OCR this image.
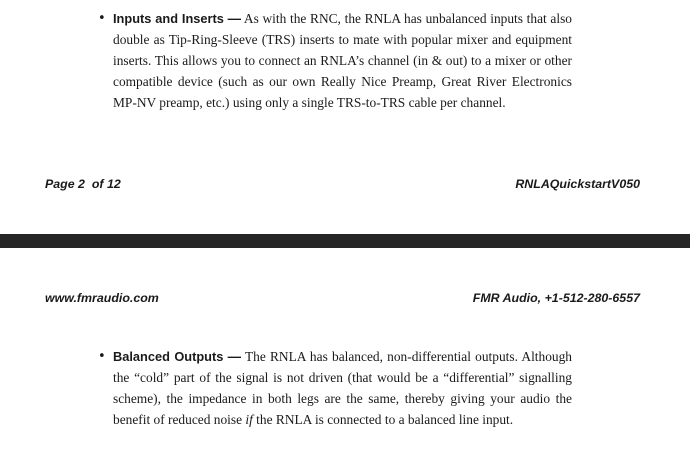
• Inputs and Inserts — As with the RNC, the RNLA has unbalanced inputs that also double as Tip-Ring-Sleeve (TRS) inserts to mate with popular mixer and equipment inserts. This allows you to connect an RNLA’s channel (in & out) to a mixer or other compatible device (such as our own Really Nice Preamp, Great River Electronics MP-NV preamp, etc.) using only a single TRS-to-TRS cable per channel.
Page 2  of 12	RNLAQuickstartV050
www.fmraudio.com	FMR Audio, +1-512-280-6557
• Balanced Outputs — The RNLA has balanced, non-differential outputs. Although the “cold” part of the signal is not driven (that would be a “differential” signalling scheme), the impedance in both legs are the same, thereby giving your audio the benefit of reduced noise if the RNLA is connected to a balanced line input.
